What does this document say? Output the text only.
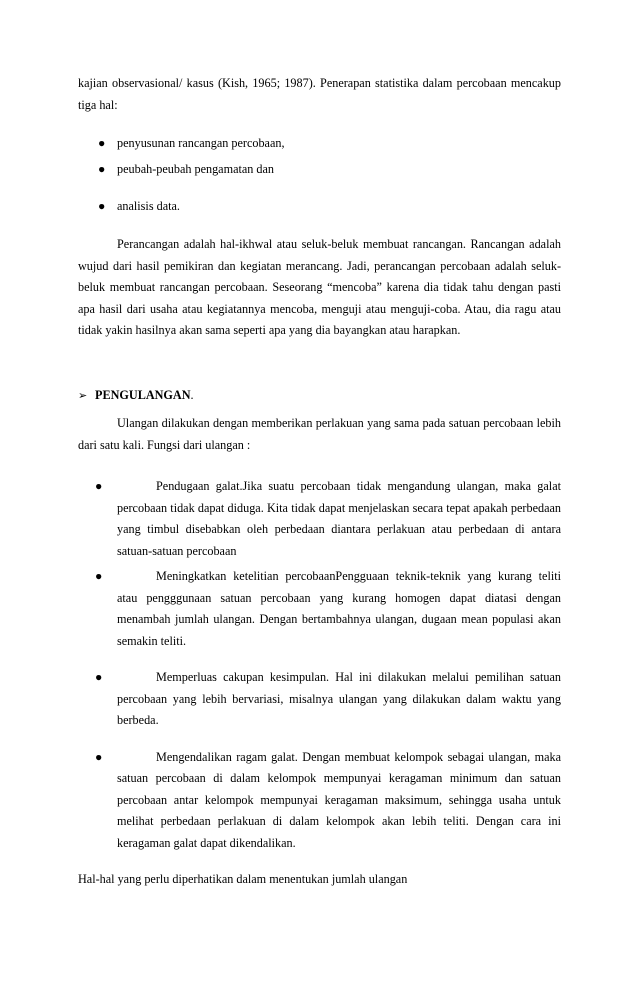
kajian observasional/ kasus (Kish, 1965; 1987). Penerapan statistika dalam percobaan mencakup tiga hal:
● penyusunan rancangan percobaan,
● peubah-peubah pengamatan dan
● analisis data.
Perancangan adalah hal-ikhwal atau seluk-beluk membuat rancangan. Rancangan adalah wujud dari hasil pemikiran dan kegiatan merancang. Jadi, perancangan percobaan adalah seluk-beluk membuat rancangan percobaan. Seseorang “mencoba” karena dia tidak tahu dengan pasti apa hasil dari usaha atau kegiatannya mencoba, menguji atau menguji-coba. Atau, dia ragu atau tidak yakin hasilnya akan sama seperti apa yang dia bayangkan atau harapkan.
➢ PENGULANGAN.
Ulangan dilakukan dengan memberikan perlakuan yang sama pada satuan percobaan lebih dari satu kali. Fungsi dari ulangan :
●	Pendugaan galat.Jika suatu percobaan tidak mengandung ulangan, maka galat percobaan tidak dapat diduga. Kita tidak dapat menjelaskan secara tepat apakah perbedaan yang timbul disebabkan oleh perbedaan diantara perlakuan atau perbedaan di antara satuan-satuan percobaan
●	Meningkatkan ketelitian percobaanPengguaan teknik-teknik yang kurang teliti atau pengggunaan satuan percobaan yang kurang homogen dapat diatasi dengan menambah jumlah ulangan. Dengan bertambahnya ulangan, dugaan mean populasi akan semakin teliti.
●	Memperluas cakupan kesimpulan. Hal ini dilakukan melalui pemilihan satuan percobaan yang lebih bervariasi, misalnya ulangan yang dilakukan dalam waktu yang berbeda.
●	Mengendalikan ragam galat. Dengan membuat kelompok sebagai ulangan, maka satuan percobaan di dalam kelompok mempunyai keragaman minimum dan satuan percobaan antar kelompok mempunyai keragaman maksimum, sehingga usaha untuk melihat perbedaan perlakuan di dalam kelompok akan lebih teliti. Dengan cara ini keragaman galat dapat dikendalikan.
Hal-hal yang perlu diperhatikan dalam menentukan jumlah ulangan
